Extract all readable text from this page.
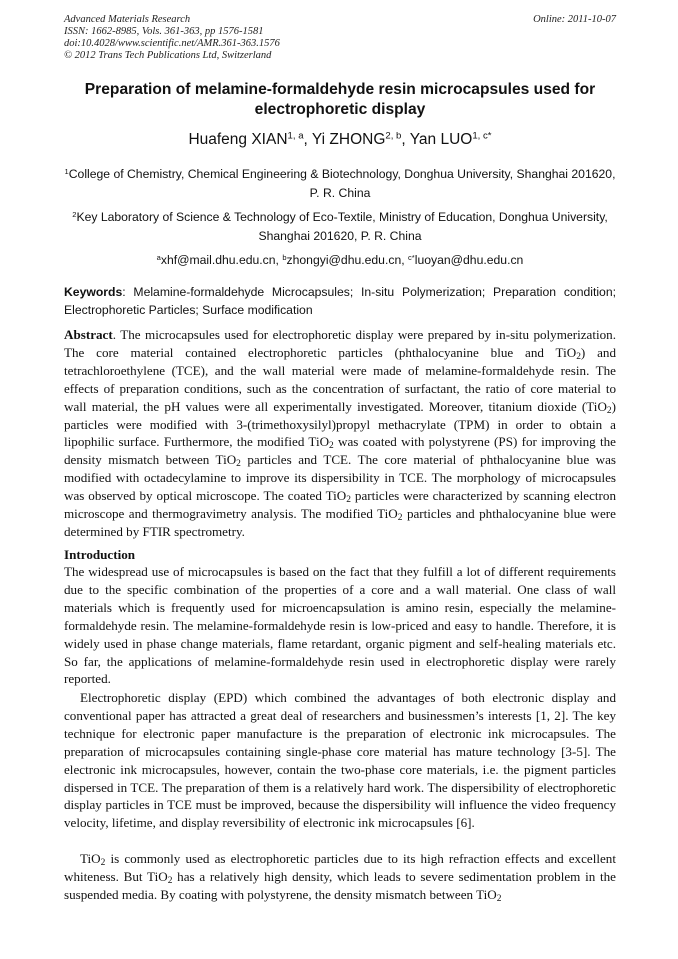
Advanced Materials Research
ISSN: 1662-8985, Vols. 361-363, pp 1576-1581
doi:10.4028/www.scientific.net/AMR.361-363.1576
© 2012 Trans Tech Publications Ltd, Switzerland
Online: 2011-10-07
Preparation of melamine-formaldehyde resin microcapsules used for electrophoretic display
Huafeng XIAN$^{1, a}$, Yi ZHONG$^{2, b}$, Yan $LUO^{1, c*}$
$^1$College of Chemistry, Chemical Engineering & Biotechnology, Donghua University, Shanghai 201620, P. R. China
$^2$Key Laboratory of Science & Technology of Eco-Textile, Ministry of Education, Donghua University, Shanghai 201620, P. R. China
$^a$xhf@mail.dhu.edu.cn, $^b$zhongyi@dhu.edu.cn, $^{c*}$luoyan@dhu.edu.cn
Keywords: Melamine-formaldehyde Microcapsules; In-situ Polymerization; Preparation condition; Electrophoretic Particles; Surface modification
Abstract. The microcapsules used for electrophoretic display were prepared by in-situ polymerization. The core material contained electrophoretic particles (phthalocyanine blue and TiO$_2$) and tetrachloroethylene (TCE), and the wall material were made of melamine-formaldehyde resin. The effects of preparation conditions, such as the concentration of surfactant, the ratio of core material to wall material, the pH values were all experimentally investigated. Moreover, titanium dioxide (TiO$_2$) particles were modified with 3-(trimethoxysilyl)propyl methacrylate (TPM) in order to obtain a lipophilic surface. Furthermore, the modified TiO$_2$ was coated with polystyrene (PS) for improving the density mismatch between TiO$_2$ particles and TCE. The core material of phthalocyanine blue was modified with octadecylamine to improve its dispersibility in TCE. The morphology of microcapsules was observed by optical microscope. The coated TiO$_2$ particles were characterized by scanning electron microscope and thermogravimetry analysis. The modified TiO$_2$ particles and phthalocyanine blue were determined by FTIR spectrometry.
Introduction
The widespread use of microcapsules is based on the fact that they fulfill a lot of different requirements due to the specific combination of the properties of a core and a wall material. One class of wall materials which is frequently used for microencapsulation is amino resin, especially the melamine-formaldehyde resin. The melamine-formaldehyde resin is low-priced and easy to handle. Therefore, it is widely used in phase change materials, flame retardant, organic pigment and self-healing materials etc. So far, the applications of melamine-formaldehyde resin used in electrophoretic display were rarely reported.
Electrophoretic display (EPD) which combined the advantages of both electronic display and conventional paper has attracted a great deal of researchers and businessmen’s interests [1, 2]. The key technique for electronic paper manufacture is the preparation of electronic ink microcapsules. The preparation of microcapsules containing single-phase core material has mature technology [3-5]. The electronic ink microcapsules, however, contain the two-phase core materials, i.e. the pigment particles dispersed in TCE. The preparation of them is a relatively hard work. The dispersibility of electrophoretic display particles in TCE must be improved, because the dispersibility will influence the video frequency velocity, lifetime, and display reversibility of electronic ink microcapsules [6].
TiO$_2$ is commonly used as electrophoretic particles due to its high refraction effects and excellent whiteness. But TiO$_2$ has a relatively high density, which leads to severe sedimentation problem in the suspended media. By coating with polystyrene, the density mismatch between TiO$_2$
